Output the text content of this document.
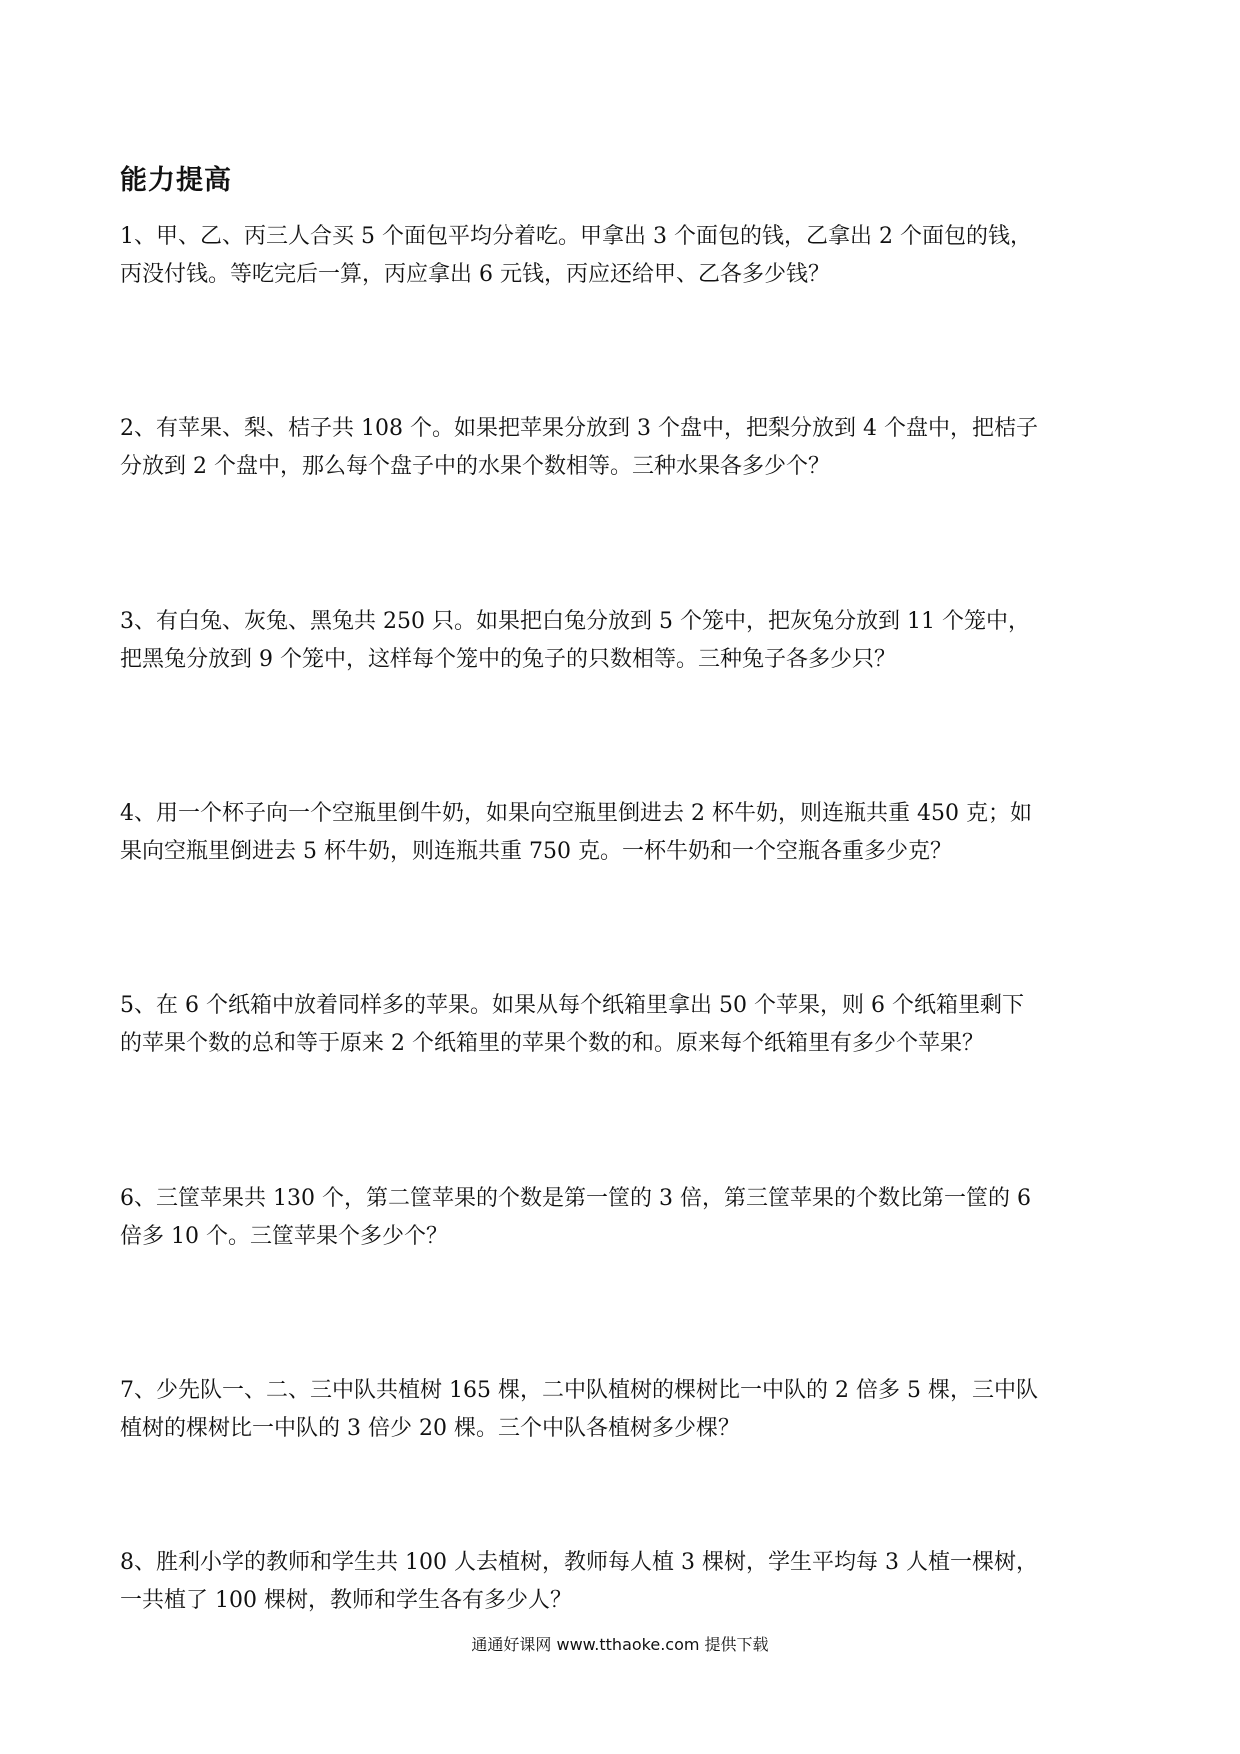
能力提高
1、甲、乙、丙三人合买 5 个面包平均分着吃。甲拿出 3 个面包的钱，乙拿出 2 个面包的钱，
丙没付钱。等吃完后一算，丙应拿出 6 元钱，丙应还给甲、乙各多少钱？
2、有苹果、梨、桔子共 108 个。如果把苹果分放到 3 个盘中，把梨分放到 4 个盘中，把桔子
分放到 2 个盘中，那么每个盘子中的水果个数相等。三种水果各多少个？
3、有白兔、灰兔、黑兔共 250 只。如果把白兔分放到 5 个笼中，把灰兔分放到 11 个笼中，
把黑兔分放到 9 个笼中，这样每个笼中的兔子的只数相等。三种兔子各多少只？
4、用一个杯子向一个空瓶里倒牛奶，如果向空瓶里倒进去 2 杯牛奶，则连瓶共重 450 克；如
果向空瓶里倒进去 5 杯牛奶，则连瓶共重 750 克。一杯牛奶和一个空瓶各重多少克？
5、在 6 个纸箱中放着同样多的苹果。如果从每个纸箱里拿出 50 个苹果，则 6 个纸箱里剩下
的苹果个数的总和等于原来 2 个纸箱里的苹果个数的和。原来每个纸箱里有多少个苹果？
6、三筐苹果共 130 个，第二筐苹果的个数是第一筐的 3 倍，第三筐苹果的个数比第一筐的 6
倍多 10 个。三筐苹果个多少个？
7、少先队一、二、三中队共植树 165 棵，二中队植树的棵树比一中队的 2 倍多 5 棵，三中队
植树的棵树比一中队的 3 倍少 20 棵。三个中队各植树多少棵？
8、胜利小学的教师和学生共 100 人去植树，教师每人植 3 棵树，学生平均每 3 人植一棵树，
一共植了 100 棵树，教师和学生各有多少人？
通通好课网 www.tthaoke.com 提供下载
